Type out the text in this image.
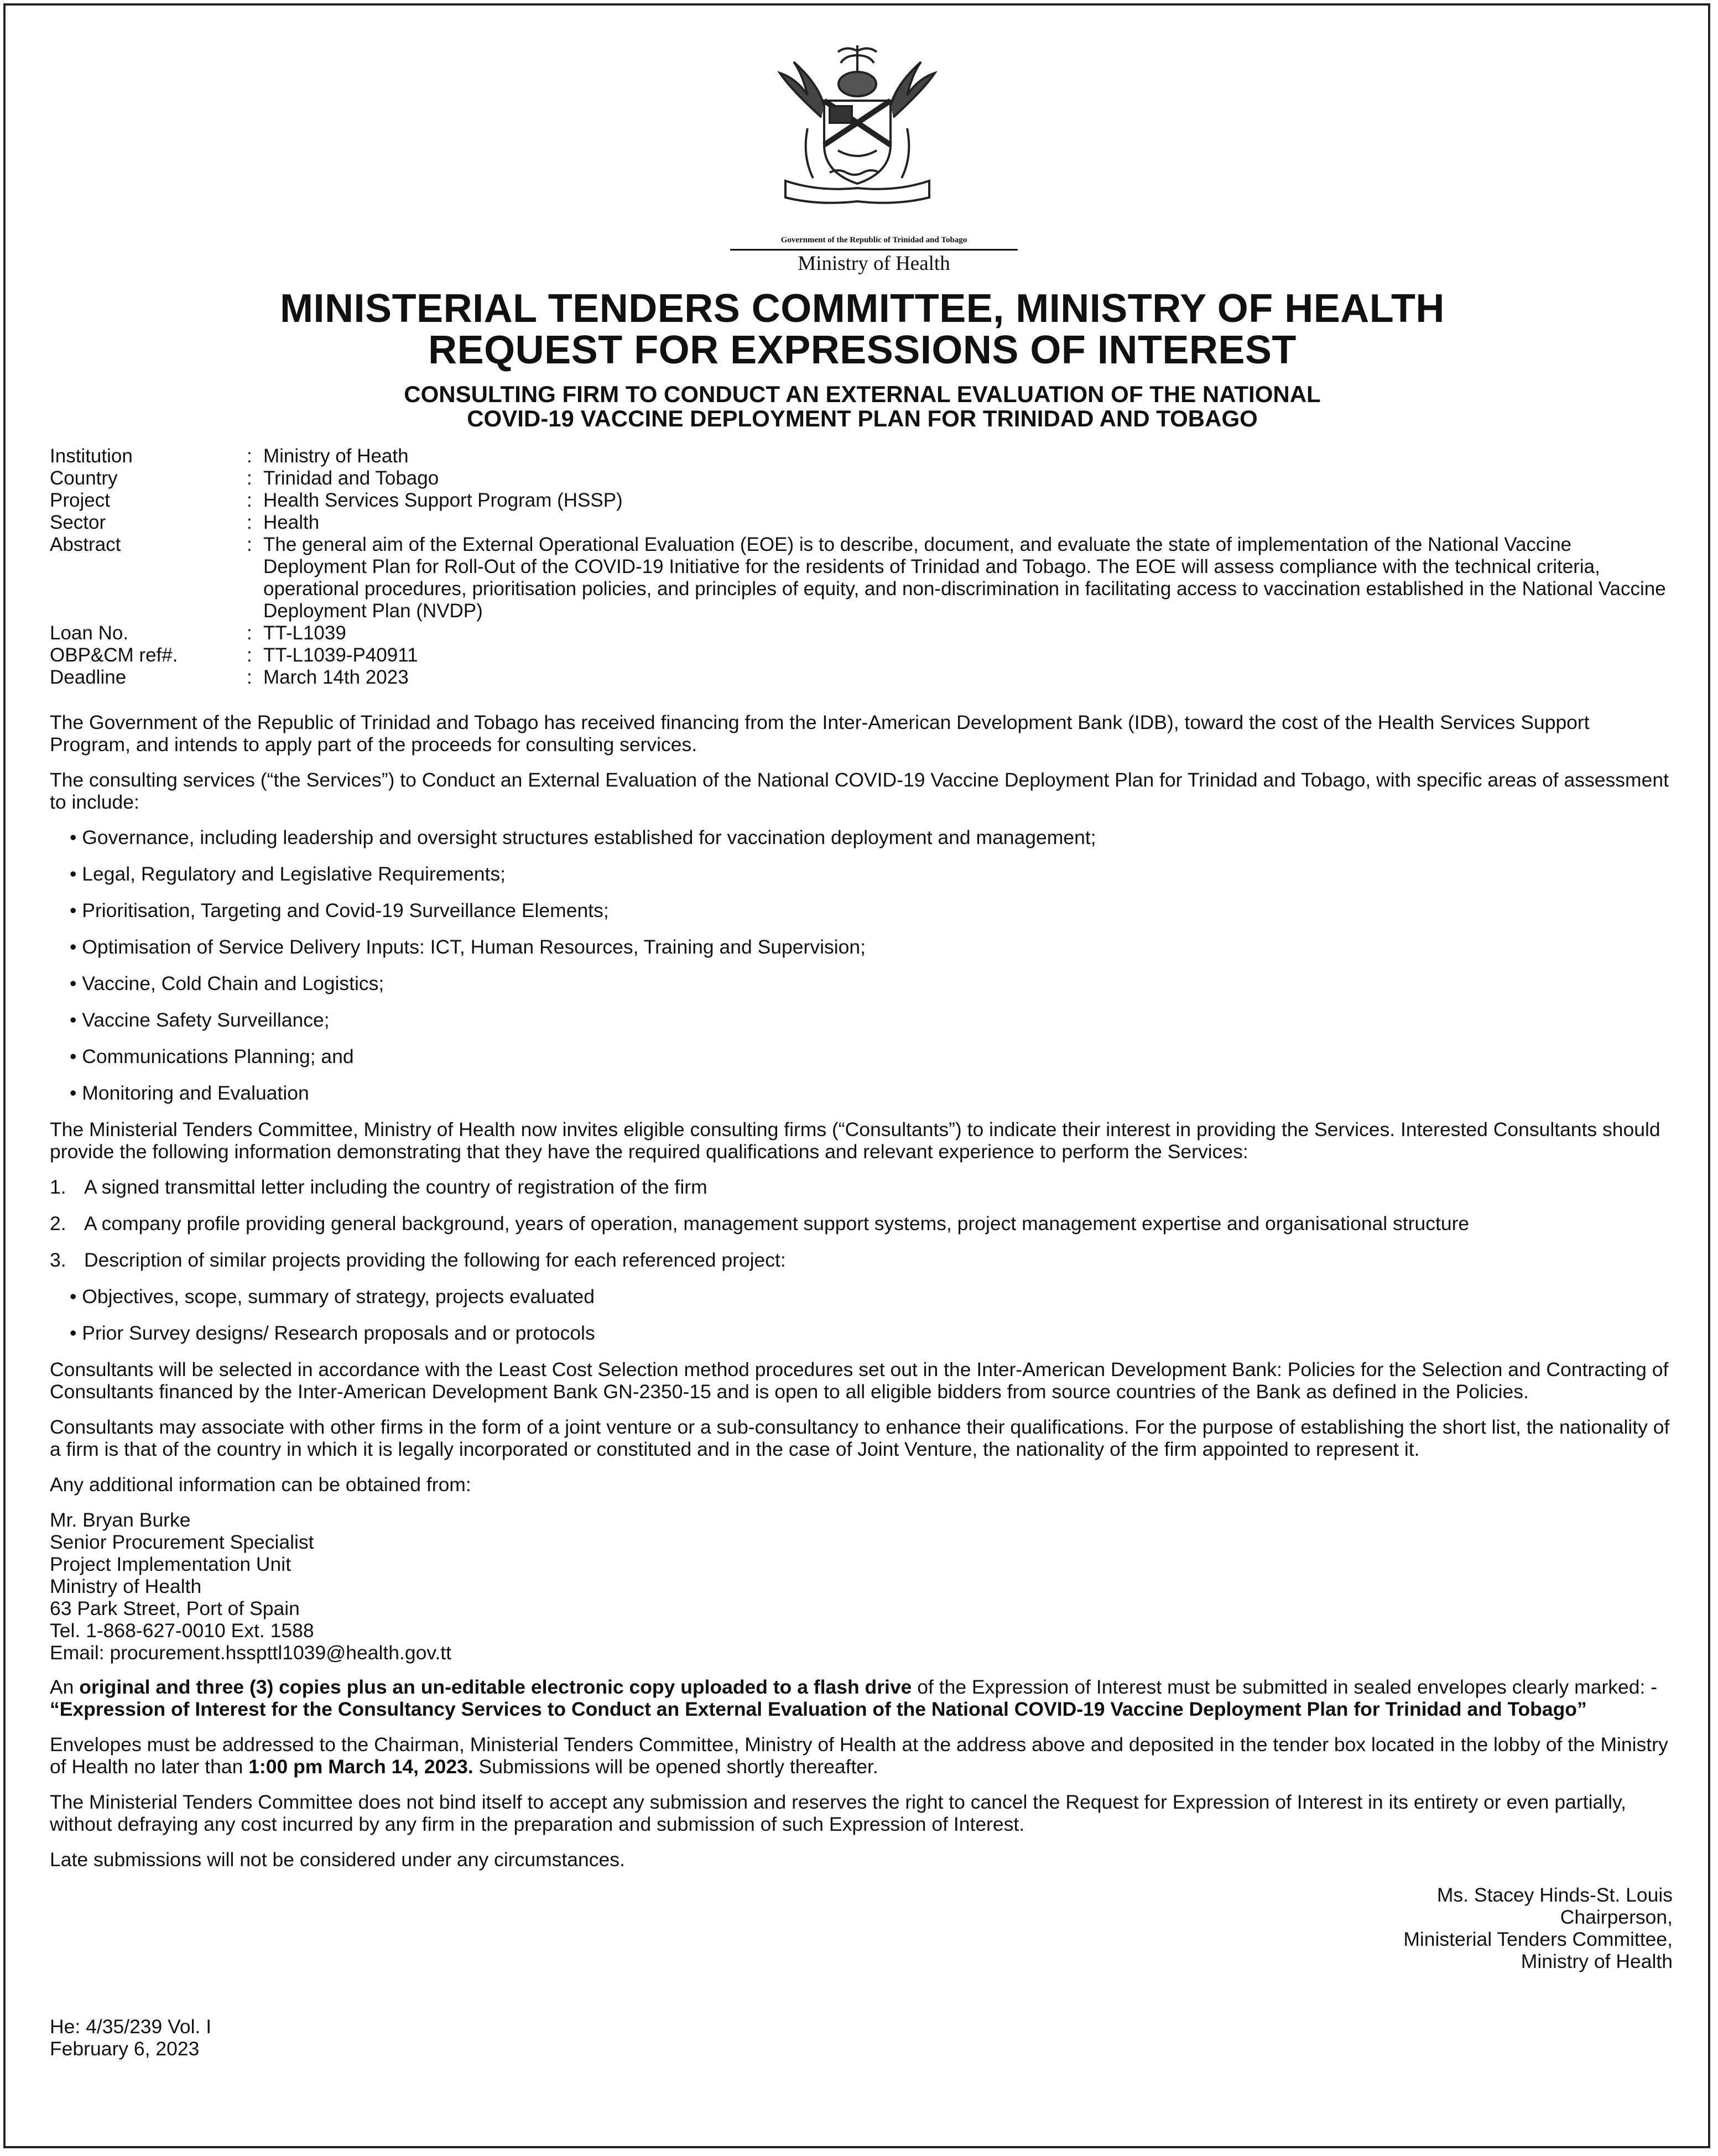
Government of the Republic of Trinidad and Tobago
Ministry of Health
MINISTERIAL TENDERS COMMITTEE, MINISTRY OF HEALTH
REQUEST FOR EXPRESSIONS OF INTEREST
CONSULTING FIRM TO CONDUCT AN EXTERNAL EVALUATION OF THE NATIONAL
COVID-19 VACCINE DEPLOYMENT PLAN FOR TRINIDAD AND TOBAGO
Institution	: Ministry of Heath
Country	: Trinidad and Tobago
Project	: Health Services Support Program (HSSP)
Sector	: Health
Abstract	: The general aim of the External Operational Evaluation (EOE) is to describe, document, and evaluate the state of implementation of the National Vaccine Deployment Plan for Roll-Out of the COVID-19 Initiative for the residents of Trinidad and Tobago. The EOE will assess compliance with the technical criteria, operational procedures, prioritisation policies, and principles of equity, and non-discrimination in facilitating access to vaccination established in the National Vaccine Deployment Plan (NVDP)
Loan No.	: TT-L1039
OBP&CM ref#.	: TT-L1039-P40911
Deadline	: March 14th 2023

The Government of the Republic of Trinidad and Tobago has received financing from the Inter-American Development Bank (IDB), toward the cost of the Health Services Support Program, and intends to apply part of the proceeds for consulting services.

The consulting services (“the Services”) to Conduct an External Evaluation of the National COVID-19 Vaccine Deployment Plan for Trinidad and Tobago, with specific areas of assessment to include:

• Governance, including leadership and oversight structures established for vaccination deployment and management;
• Legal, Regulatory and Legislative Requirements;
• Prioritisation, Targeting and Covid-19 Surveillance Elements;
• Optimisation of Service Delivery Inputs: ICT, Human Resources, Training and Supervision;
• Vaccine, Cold Chain and Logistics;
• Vaccine Safety Surveillance;
• Communications Planning; and
• Monitoring and Evaluation

The Ministerial Tenders Committee, Ministry of Health now invites eligible consulting firms (“Consultants”) to indicate their interest in providing the Services. Interested Consultants should provide the following information demonstrating that they have the required qualifications and relevant experience to perform the Services:

1. A signed transmittal letter including the country of registration of the firm
2. A company profile providing general background, years of operation, management support systems, project management expertise and organisational structure
3. Description of similar projects providing the following for each referenced project:
• Objectives, scope, summary of strategy, projects evaluated
• Prior Survey designs/ Research proposals and or protocols

Consultants will be selected in accordance with the Least Cost Selection method procedures set out in the Inter-American Development Bank: Policies for the Selection and Contracting of Consultants financed by the Inter-American Development Bank GN-2350-15 and is open to all eligible bidders from source countries of the Bank as defined in the Policies.

Consultants may associate with other firms in the form of a joint venture or a sub-consultancy to enhance their qualifications. For the purpose of establishing the short list, the nationality of a firm is that of the country in which it is legally incorporated or constituted and in the case of Joint Venture, the nationality of the firm appointed to represent it.

Any additional information can be obtained from:

Mr. Bryan Burke
Senior Procurement Specialist
Project Implementation Unit
Ministry of Health
63 Park Street, Port of Spain
Tel. 1-868-627-0010 Ext. 1588
Email: procurement.hsspttl1039@health.gov.tt

An original and three (3) copies plus an un-editable electronic copy uploaded to a flash drive of the Expression of Interest must be submitted in sealed envelopes clearly marked: - “Expression of Interest for the Consultancy Services to Conduct an External Evaluation of the National COVID-19 Vaccine Deployment Plan for Trinidad and Tobago”

Envelopes must be addressed to the Chairman, Ministerial Tenders Committee, Ministry of Health at the address above and deposited in the tender box located in the lobby of the Ministry of Health no later than 1:00 pm March 14, 2023. Submissions will be opened shortly thereafter.

The Ministerial Tenders Committee does not bind itself to accept any submission and reserves the right to cancel the Request for Expression of Interest in its entirety or even partially, without defraying any cost incurred by any firm in the preparation and submission of such Expression of Interest.

Late submissions will not be considered under any circumstances.

Ms. Stacey Hinds-St. Louis
Chairperson,
Ministerial Tenders Committee,
Ministry of Health
He: 4/35/239 Vol. I
February 6, 2023
